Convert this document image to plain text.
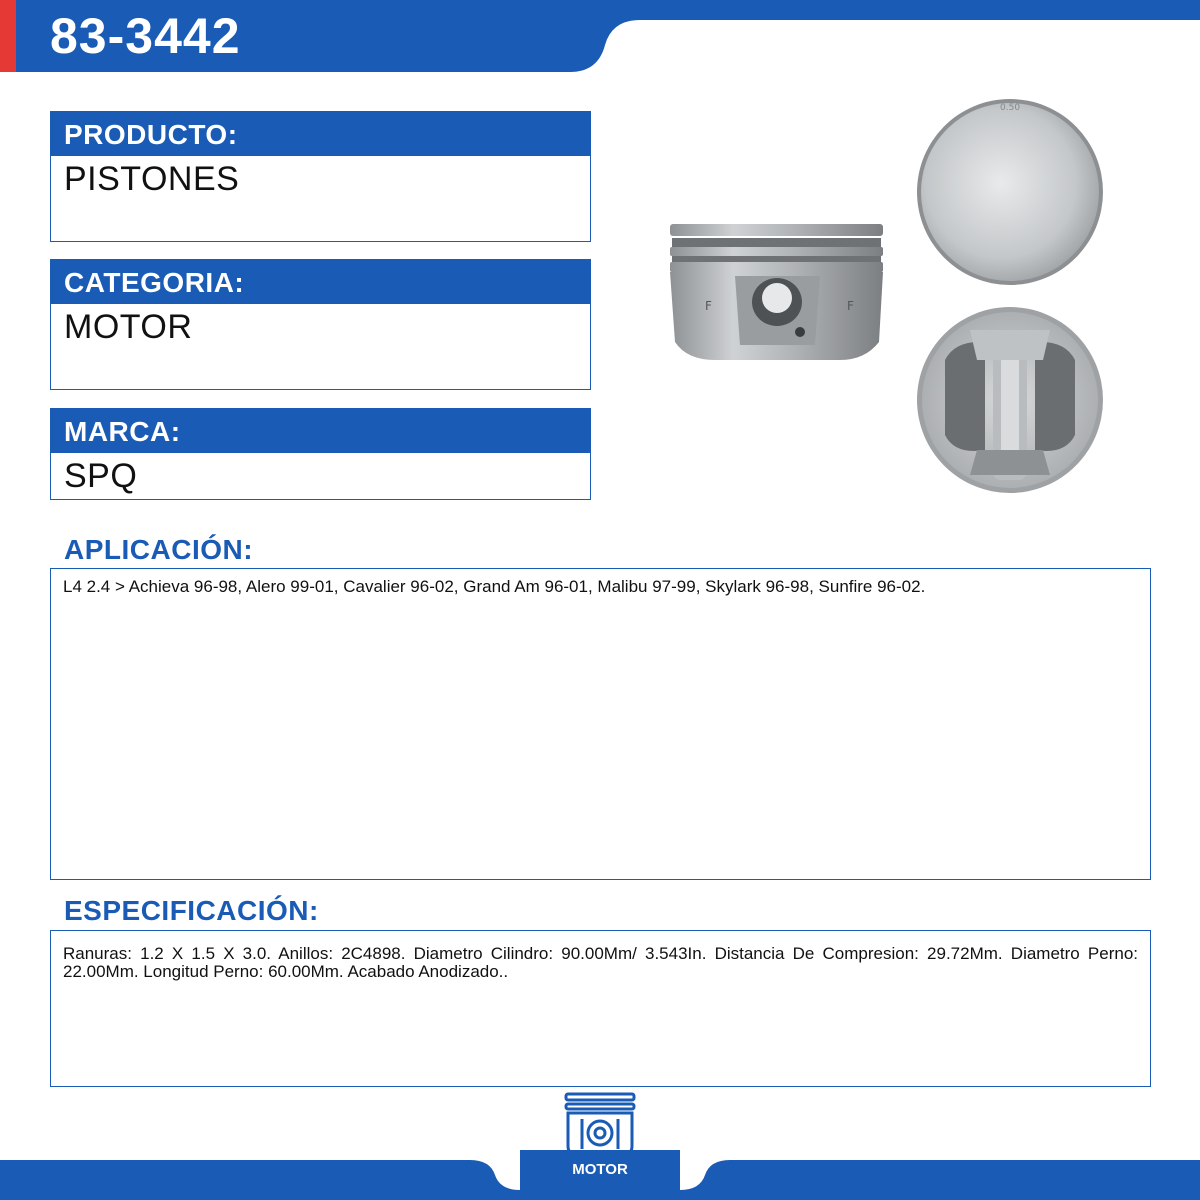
83-3442
PRODUCTO:
PISTONES
CATEGORIA:
MOTOR
MARCA:
SPQ
F	F
0.50
APLICACIÓN:
L4 2.4 > Achieva 96-98, Alero 99-01, Cavalier 96-02, Grand Am 96-01, Malibu 97-99, Skylark 96-98, Sunfire 96-02.
ESPECIFICACIÓN:
Ranuras: 1.2 X 1.5 X 3.0. Anillos: 2C4898. Diametro Cilindro: 90.00Mm/ 3.543In. Distancia De Compresion: 29.72Mm. Diametro Perno: 22.00Mm. Longitud Perno: 60.00Mm. Acabado Anodizado..
MOTOR
